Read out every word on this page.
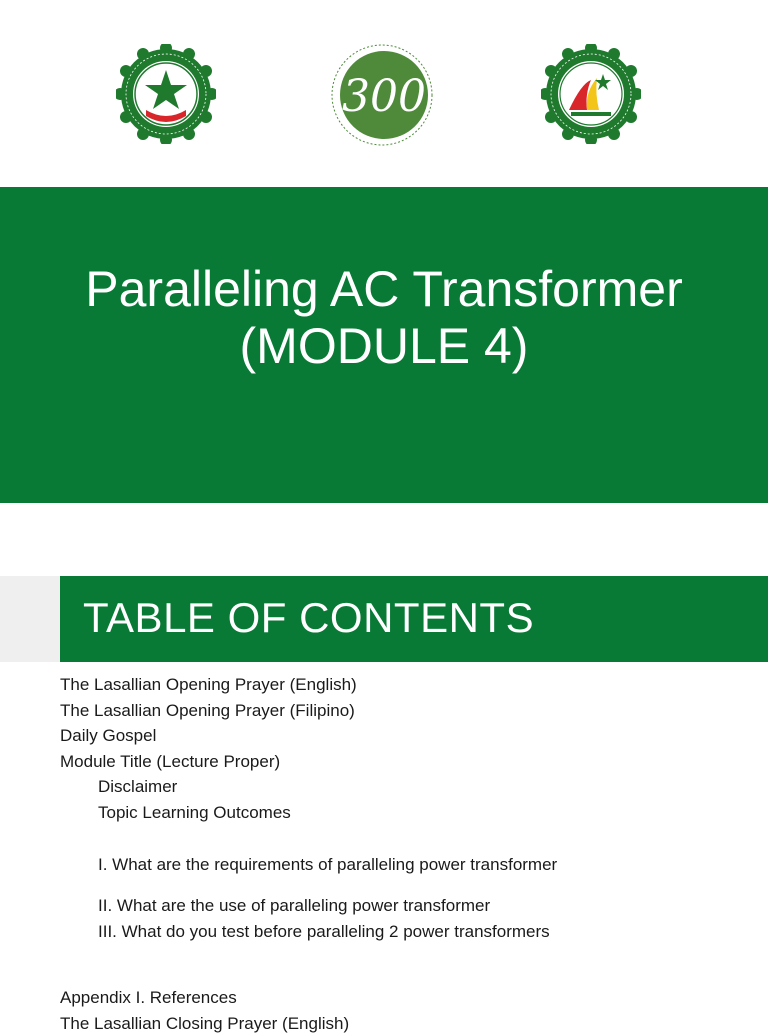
300
Paralleling AC Transformer
(MODULE 4)
TABLE OF CONTENTS
The Lasallian Opening Prayer (English)
The Lasallian Opening Prayer (Filipino)
Daily Gospel
Module Title (Lecture Proper)
Disclaimer
Topic Learning Outcomes
I. What are the requirements of paralleling power transformer
II. What are the use of paralleling power transformer
III. What do you test before paralleling 2 power transformers
Appendix I. References
The Lasallian Closing Prayer (English)
